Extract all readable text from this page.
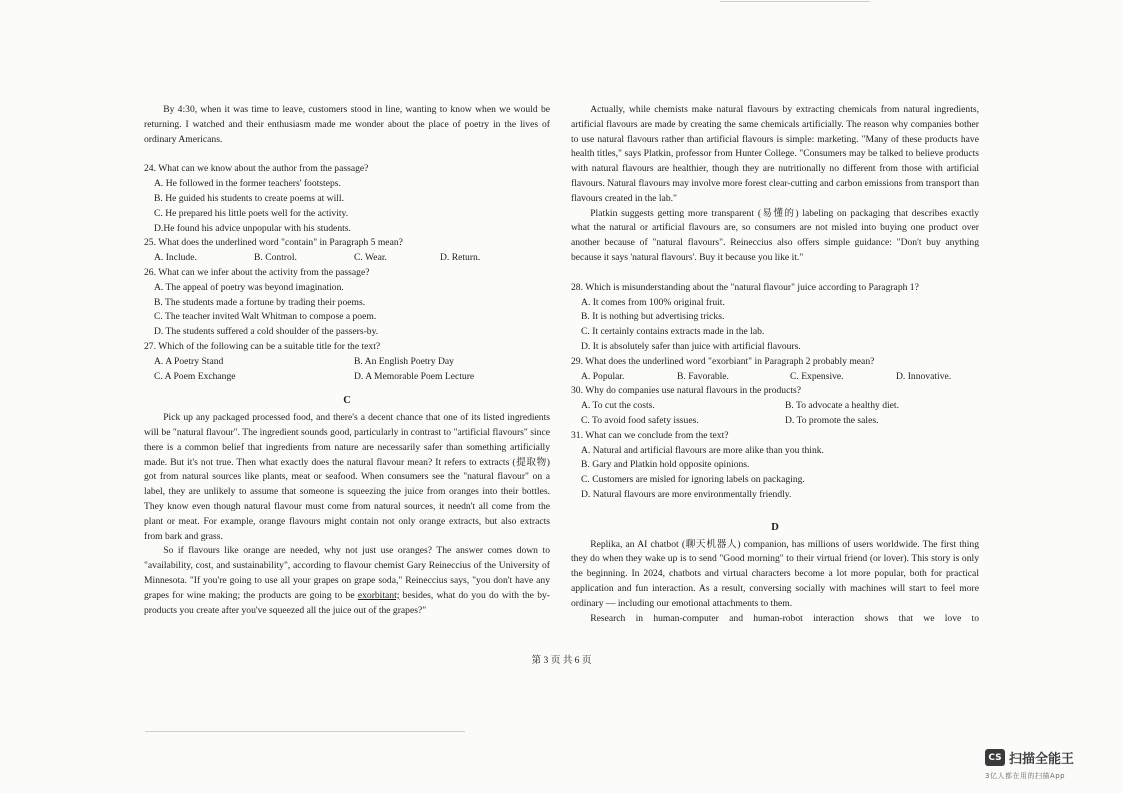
By 4:30, when it was time to leave, customers stood in line, wanting to know when we would be returning. I watched and their enthusiasm made me wonder about the place of poetry in the lives of ordinary Americans.

24. What can we know about the author from the passage?
A. He followed in the former teachers' footsteps.
B. He guided his students to create poems at will.
C. He prepared his little poets well for the activity.
D.He found his advice unpopular with his students.
25. What does the underlined word "contain" in Paragraph 5 mean?
A. Include.	B. Control.	C. Wear.	D. Return.
26. What can we infer about the activity from the passage?
A. The appeal of poetry was beyond imagination.
B. The students made a fortune by trading their poems.
C. The teacher invited Walt Whitman to compose a poem.
D. The students suffered a cold shoulder of the passers-by.
27. Which of the following can be a suitable title for the text?
A. A Poetry Stand	B. An English Poetry Day
C. A Poem Exchange	D. A Memorable Poem Lecture
C

Pick up any packaged processed food, and there's a decent chance that one of its listed ingredients will be "natural flavour". The ingredient sounds good, particularly in contrast to "artificial flavours" since there is a common belief that ingredients from nature are necessarily safer than something artificially made. But it's not true. Then what exactly does the natural flavour mean? It refers to extracts (提取物) got from natural sources like plants, meat or seafood. When consumers see the "natural flavour" on a label, they are unlikely to assume that someone is squeezing the juice from oranges into their bottles. They know even though natural flavour must come from natural sources, it needn't all come from the plant or meat. For example, orange flavours might contain not only orange extracts, but also extracts from bark and grass.

So if flavours like orange are needed, why not just use oranges? The answer comes down to "availability, cost, and sustainability", according to flavour chemist Gary Reineccius of the University of Minnesota. "If you're going to use all your grapes on grape soda," Reineccius says, "you don't have any grapes for wine making; the products are going to be exorbitant; besides, what do you do with the by-products you create after you've squeezed all the juice out of the grapes?"

Actually, while chemists make natural flavours by extracting chemicals from natural ingredients, artificial flavours are made by creating the same chemicals artificially. The reason why companies bother to use natural flavours rather than artificial flavours is simple: marketing. "Many of these products have health titles," says Platkin, professor from Hunter College. "Consumers may be talked to believe products with natural flavours are healthier, though they are nutritionally no different from those with artificial flavours. Natural flavours may involve more forest clear-cutting and carbon emissions from transport than flavours created in the lab."

Platkin suggests getting more transparent (易懂的) labeling on packaging that describes exactly what the natural or artificial flavours are, so consumers are not misled into buying one product over another because of "natural flavours". Reineccius also offers simple guidance: "Don't buy anything because it says 'natural flavours'. Buy it because you like it."

28. Which is misunderstanding about the "natural flavour" juice according to Paragraph 1?
A. It comes from 100% original fruit.
B. It is nothing but advertising tricks.
C. It certainly contains extracts made in the lab.
D. It is absolutely safer than juice with artificial flavours.
29. What does the underlined word "exorbiant" in Paragraph 2 probably mean?
A. Popular.	B. Favorable.	C. Expensive.	D. Innovative.
30. Why do companies use natural flavours in the products?
A. To cut the costs.	B. To advocate a healthy diet.
C. To avoid food safety issues.	D. To promote the sales.
31. What can we conclude from the text?
A. Natural and artificial flavours are more alike than you think.
B. Gary and Platkin hold opposite opinions.
C. Customers are misled for ignoring labels on packaging.
D. Natural flavours are more environmentally friendly.
D

Replika, an AI chatbot (聊天机器人) companion, has millions of users worldwide. The first thing they do when they wake up is to send "Good morning" to their virtual friend (or lover). This story is only the beginning. In 2024, chatbots and virtual characters become a lot more popular, both for practical application and fun interaction. As a result, conversing socially with machines will start to feel more ordinary — including our emotional attachments to them.

Research in human-computer and human-robot interaction shows that we love to

第 3 页 共 6 页
CS 扫描全能王
3亿人都在用的扫描App
